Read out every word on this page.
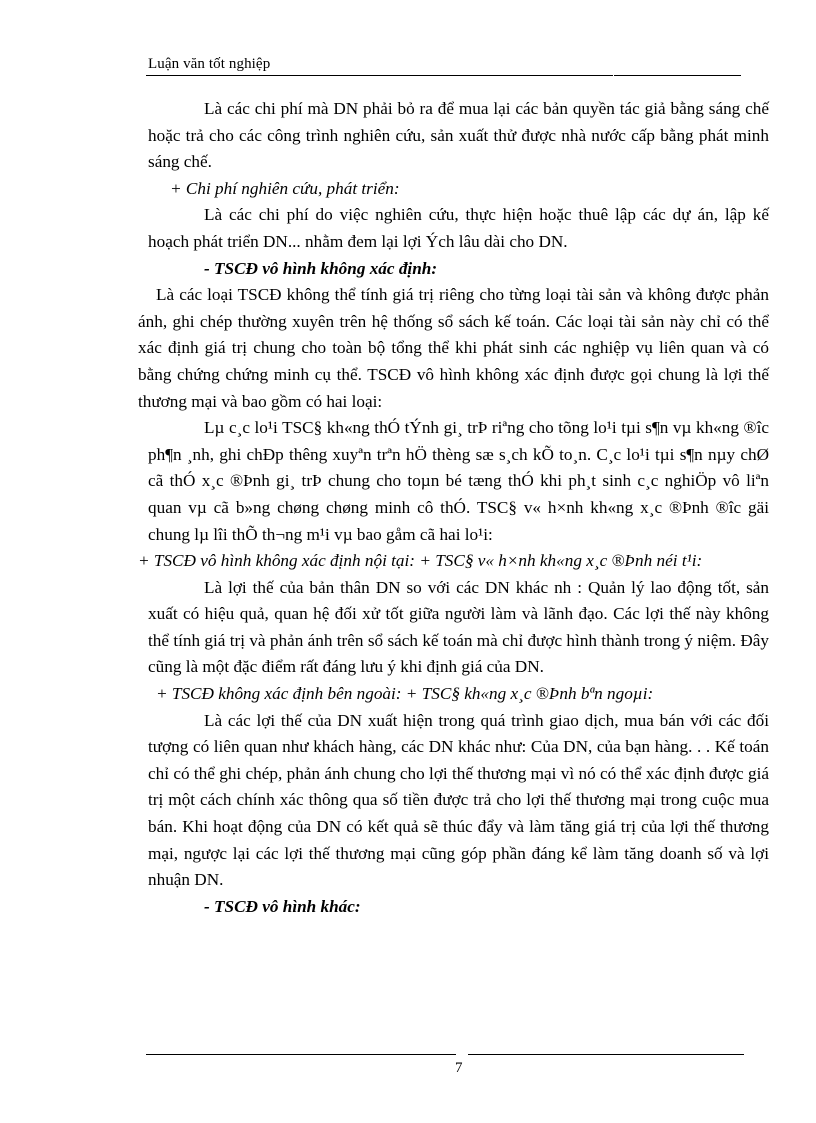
Luận văn tốt nghiệp

Là các chi phí mà DN phải bỏ ra để mua lại các bản quyền tác giả bằng sáng chế hoặc trả cho các công trình nghiên cứu, sản xuất thử được nhà nước cấp bằng phát minh sáng chế.

+ Chi phí nghiên cứu, phát triển:

Là các chi phí do việc nghiên cứu, thực hiện hoặc thuê lập các dự án, lập kế hoạch phát triển DN... nhằm đem lại lợi Ých lâu dài cho DN.

- TSCĐ vô hình không xác định:

Là các loại TSCĐ không thể tính giá trị riêng cho từng loại tài sản và không được phản ánh, ghi chép thường xuyên trên hệ thống sổ sách kế toán. Các loại tài sản này chỉ có thể xác định giá trị chung cho toàn bộ tổng thể khi phát sinh các nghiệp vụ liên quan và có bằng chứng chứng minh cụ thể. TSCĐ vô hình không xác định được gọi chung là lợi thế thương mại và bao gồm có hai loại:

Lµ c¸c lo¹i TSC§ kh«ng thÓ tÝnh gi¸ trÞ riªng cho tõng lo¹i tµi s¶n vµ kh«ng ®îc ph¶n ¸nh, ghi chÐp thêng xuyªn trªn hÖ thèng sæ s¸ch kÕ to¸n. C¸c lo¹i tµi s¶n nµy chØ cã thÓ x¸c ®Þnh gi¸ trÞ chung cho toµn bé tæng thÓ khi ph¸t sinh c¸c nghiÖp vô liªn quan vµ cã b»ng chøng chøng minh cô thÓ. TSC§ v« h×nh kh«ng x¸c ®Þnh ®îc gäi chung lµ lîi thÕ th¬ng m¹i vµ bao gåm cã hai lo¹i:

+ TSCĐ vô hình không xác định nội tại: + TSC§ v« h×nh kh«ng x¸c ®Þnh néi t¹i:

Là lợi thế của bản thân DN so với các DN khác nh : Quản lý lao động tốt, sản xuất có hiệu quả, quan hệ đối xử tốt giữa người làm và lãnh đạo. Các lợi thế này không thể tính giá trị và phản ánh trên sổ sách kế toán mà chỉ được hình thành trong ý niệm. Đây cũng là một đặc điểm rất đáng lưu ý khi định giá của DN.

+ TSCĐ không xác định bên ngoài: + TSC§ kh«ng x¸c ®Þnh bªn ngoµi:

Là các lợi thế của DN xuất hiện trong quá trình giao dịch, mua bán với các đối tượng có liên quan như khách hàng, các DN khác như: Của DN, của bạn hàng. . . Kế toán chỉ có thể ghi chép, phản ánh chung cho lợi thế thương mại vì nó có thể xác định được giá trị một cách chính xác thông qua số tiền được trả cho lợi thế thương mại trong cuộc mua bán. Khi hoạt động của DN có kết quả sẽ thúc đẩy và làm tăng giá trị của lợi thế thương mại, ngược lại các lợi thế thương mại cũng góp phần đáng kể làm tăng doanh số và lợi nhuận DN.

- TSCĐ vô hình khác:

7
